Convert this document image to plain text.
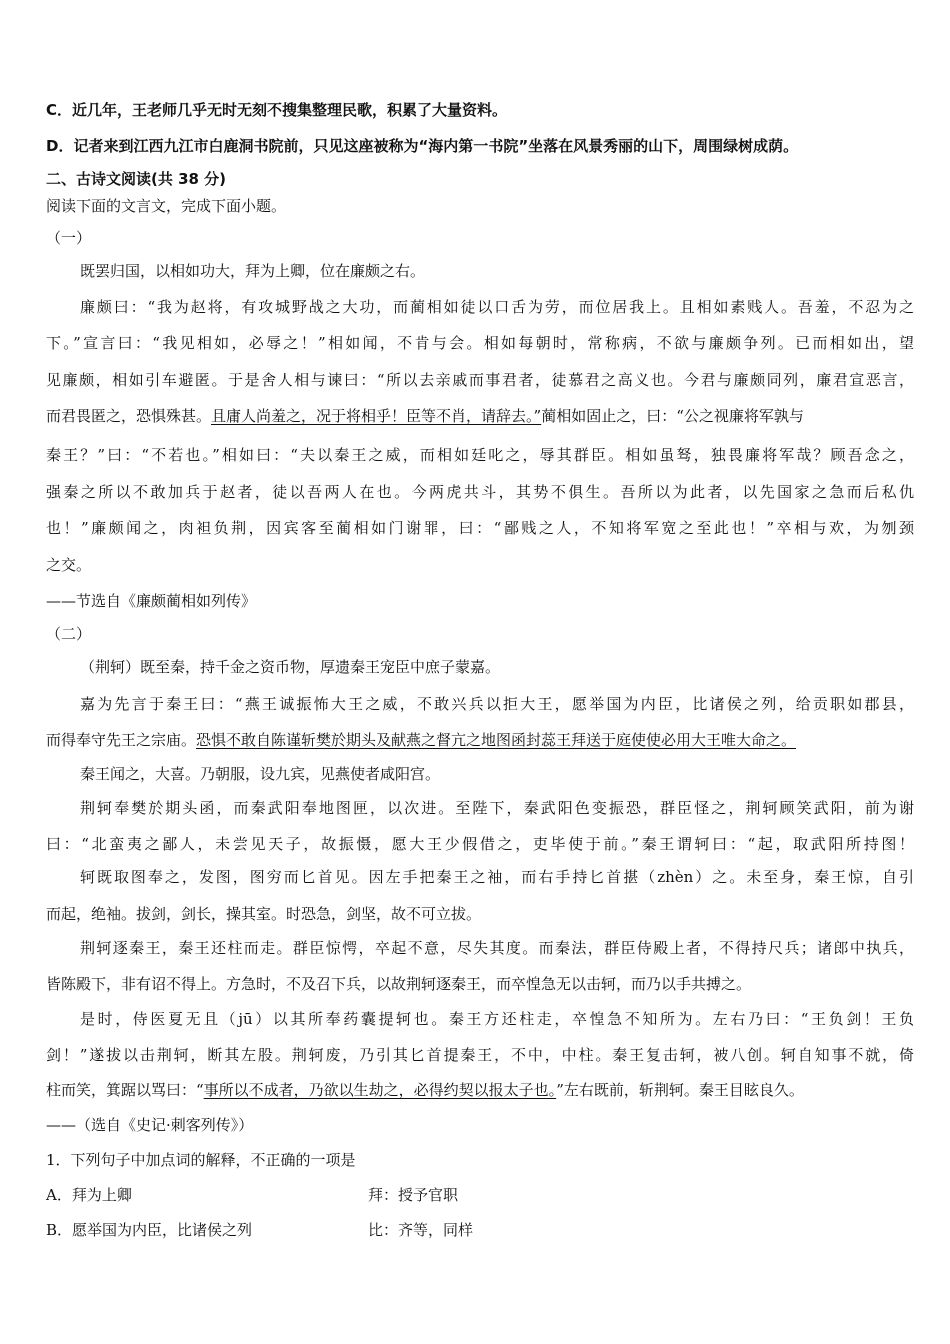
C．近几年，王老师几乎无时无刻不搜集整理民歌，积累了大量资料。
D．记者来到江西九江市白鹿洞书院前，只见这座被称为“海内第一书院”坐落在风景秀丽的山下，周围绿树成荫。
二、古诗文阅读(共 38 分)
阅读下面的文言文，完成下面小题。
（一）
既罢归国，以相如功大，拜为上卿，位在廉颇之右。
廉颇曰：“我为赵将，有攻城野战之大功，而蔺相如徒以口舌为劳，而位居我上。且相如素贱人。吾羞，不忍为之
下。”宣言曰：“我见相如，必辱之！”相如闻，不肯与会。相如每朝时，常称病，不欲与廉颇争列。已而相如出，望
见廉颇，相如引车避匿。于是舍人相与谏曰：“所以去亲戚而事君者，徒慕君之高义也。今君与廉颇同列，廉君宣恶言，
而君畏匿之，恐惧殊甚。且庸人尚羞之，况于将相乎！臣等不肖，请辞去。”蔺相如固止之，曰：“公之视廉将军孰与
秦王？”曰：“不若也。”相如曰：“夫以秦王之威，而相如廷叱之，辱其群臣。相如虽驽，独畏廉将军哉？顾吾念之，
强秦之所以不敢加兵于赵者，徒以吾两人在也。今两虎共斗，其势不俱生。吾所以为此者，以先国家之急而后私仇
也！”廉颇闻之，肉袒负荆，因宾客至蔺相如门谢罪，曰：“鄙贱之人，不知将军宽之至此也！”卒相与欢，为刎颈
之交。
——节选自《廉颇蔺相如列传》
（二）
（荆轲）既至秦，持千金之资币物，厚遗秦王宠臣中庶子蒙嘉。
嘉为先言于秦王曰：“燕王诚振怖大王之威，不敢兴兵以拒大王，愿举国为内臣，比诸侯之列，给贡职如郡县，
而得奉守先王之宗庙。恐惧不敢自陈谨斩樊於期头及献燕之督亢之地图函封蕊王拜送于庭使使必用大王唯大命之。
秦王闻之，大喜。乃朝服，设九宾，见燕使者咸阳宫。
荆轲奉樊於期头函，而秦武阳奉地图匣，以次进。至陛下，秦武阳色变振恐，群臣怪之，荆轲顾笑武阳，前为谢
曰：“北蛮夷之鄙人，未尝见天子，故振慑，愿大王少假借之，吏毕使于前。”秦王谓轲曰：“起，取武阳所持图！
轲既取图奉之，发图，图穷而匕首见。因左手把秦王之袖，而右手持匕首揕（zhèn）之。未至身，秦王惊，自引
而起，绝袖。拔剑，剑长，操其室。时恐急，剑坚，故不可立拔。
荆轲逐秦王，秦王还柱而走。群臣惊愕，卒起不意，尽失其度。而秦法，群臣侍殿上者，不得持尺兵；诸郎中执兵，
皆陈殿下，非有诏不得上。方急时，不及召下兵，以故荆轲逐秦王，而卒惶急无以击轲，而乃以手共搏之。
是时，侍医夏无且（jū）以其所奉药囊提轲也。秦王方还柱走，卒惶急不知所为。左右乃曰：“王负剑！王负
剑！”遂拔以击荆轲，断其左股。荆轲废，乃引其匕首提秦王，不中，中柱。秦王复击轲，被八创。轲自知事不就，倚
柱而笑，箕踞以骂曰：“事所以不成者，乃欲以生劫之，必得约契以报太子也。”左右既前，斩荆轲。秦王目眩良久。
——（选自《史记·刺客列传》）
1．下列句子中加点词的解释，不正确的一项是
A．拜为上卿	拜：授予官职
B．愿举国为内臣，比诸侯之列	比：齐等，同样
